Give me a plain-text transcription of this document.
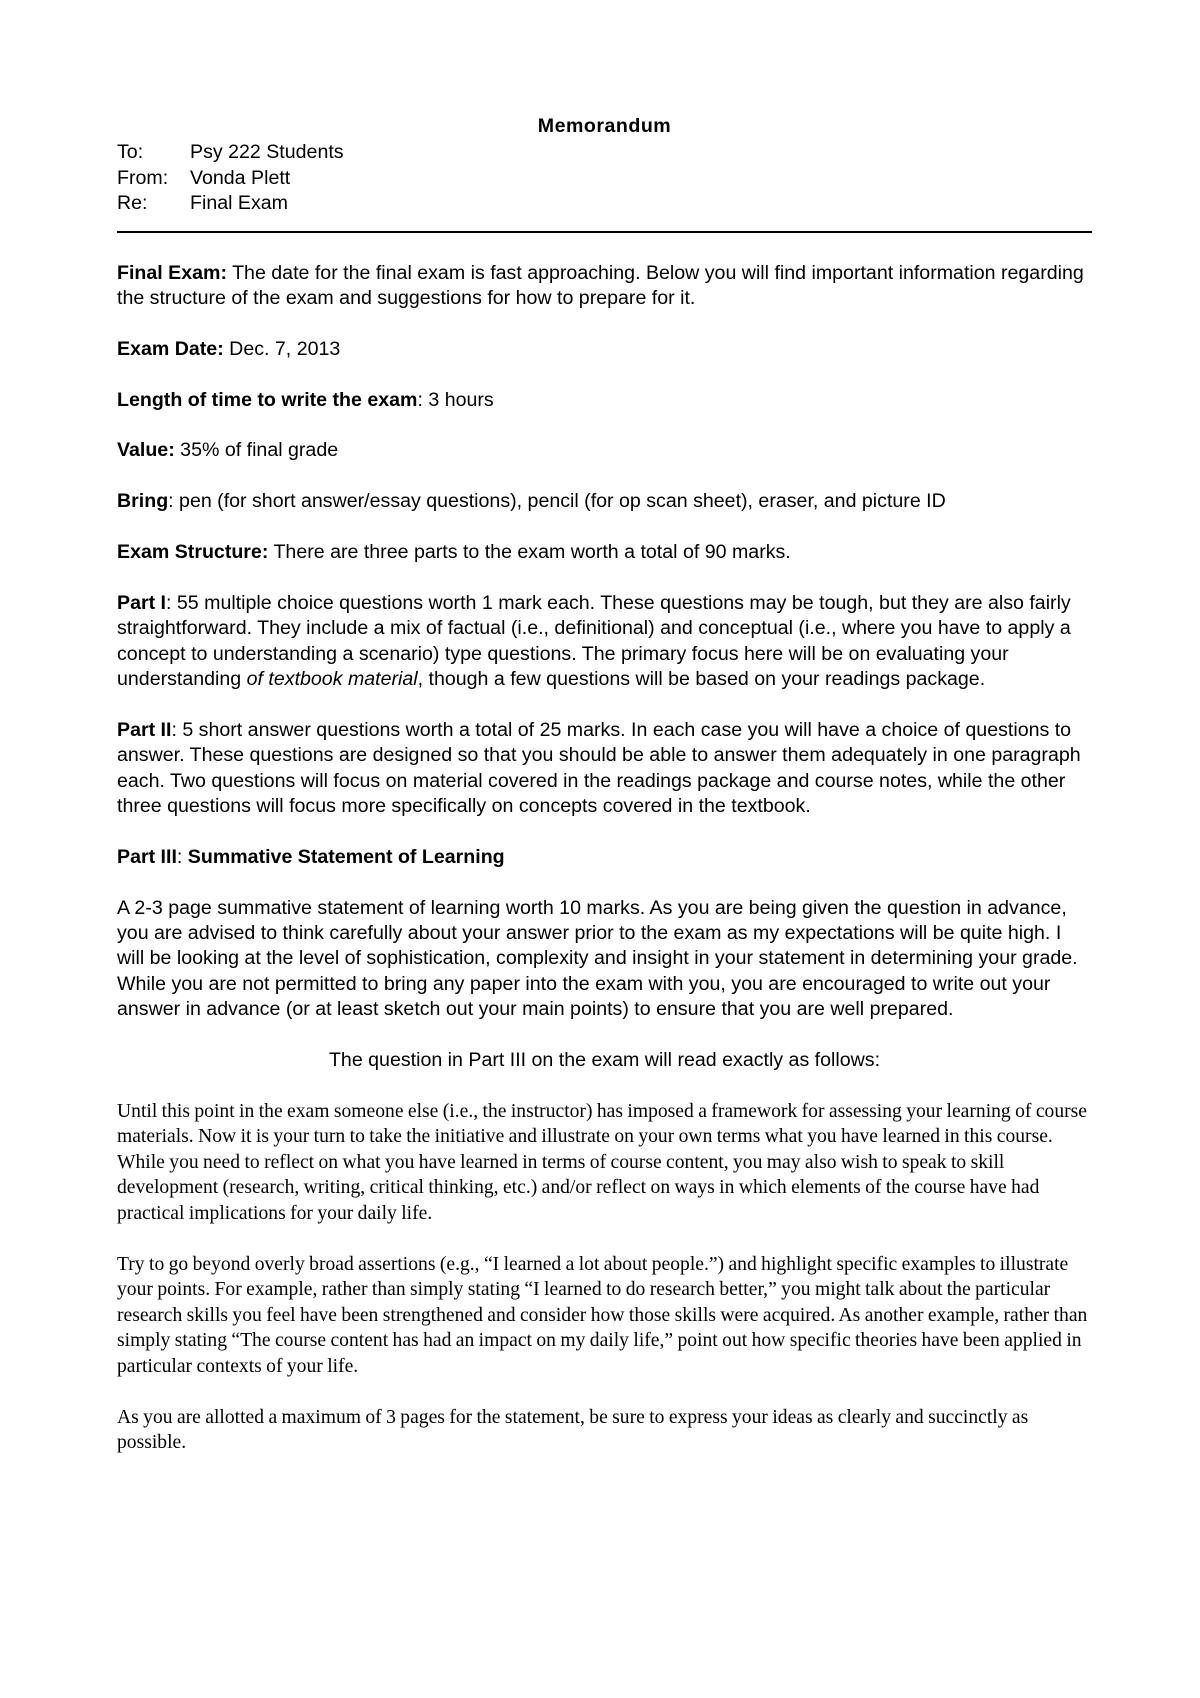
Memorandum
To:	Psy 222 Students
From:	Vonda Plett
Re:	Final Exam

Final Exam: The date for the final exam is fast approaching. Below you will find important information regarding the structure of the exam and suggestions for how to prepare for it.

Exam Date: Dec. 7, 2013

Length of time to write the exam: 3 hours

Value: 35% of final grade

Bring: pen (for short answer/essay questions), pencil (for op scan sheet), eraser, and picture ID

Exam Structure: There are three parts to the exam worth a total of 90 marks.

Part I: 55 multiple choice questions worth 1 mark each. These questions may be tough, but they are also fairly straightforward. They include a mix of factual (i.e., definitional) and conceptual (i.e., where you have to apply a concept to understanding a scenario) type questions. The primary focus here will be on evaluating your understanding of textbook material, though a few questions will be based on your readings package.

Part II: 5 short answer questions worth a total of 25 marks. In each case you will have a choice of questions to answer. These questions are designed so that you should be able to answer them adequately in one paragraph each. Two questions will focus on material covered in the readings package and course notes, while the other three questions will focus more specifically on concepts covered in the textbook.

Part III: Summative Statement of Learning

A 2-3 page summative statement of learning worth 10 marks. As you are being given the question in advance, you are advised to think carefully about your answer prior to the exam as my expectations will be quite high. I will be looking at the level of sophistication, complexity and insight in your statement in determining your grade. While you are not permitted to bring any paper into the exam with you, you are encouraged to write out your answer in advance (or at least sketch out your main points) to ensure that you are well prepared.

The question in Part III on the exam will read exactly as follows:

Until this point in the exam someone else (i.e., the instructor) has imposed a framework for assessing your learning of course materials. Now it is your turn to take the initiative and illustrate on your own terms what you have learned in this course. While you need to reflect on what you have learned in terms of course content, you may also wish to speak to skill development (research, writing, critical thinking, etc.) and/or reflect on ways in which elements of the course have had practical implications for your daily life.

Try to go beyond overly broad assertions (e.g., “I learned a lot about people.”) and highlight specific examples to illustrate your points. For example, rather than simply stating “I learned to do research better,” you might talk about the particular research skills you feel have been strengthened and consider how those skills were acquired. As another example, rather than simply stating “The course content has had an impact on my daily life,” point out how specific theories have been applied in particular contexts of your life.

As you are allotted a maximum of 3 pages for the statement, be sure to express your ideas as clearly and succinctly as possible.
